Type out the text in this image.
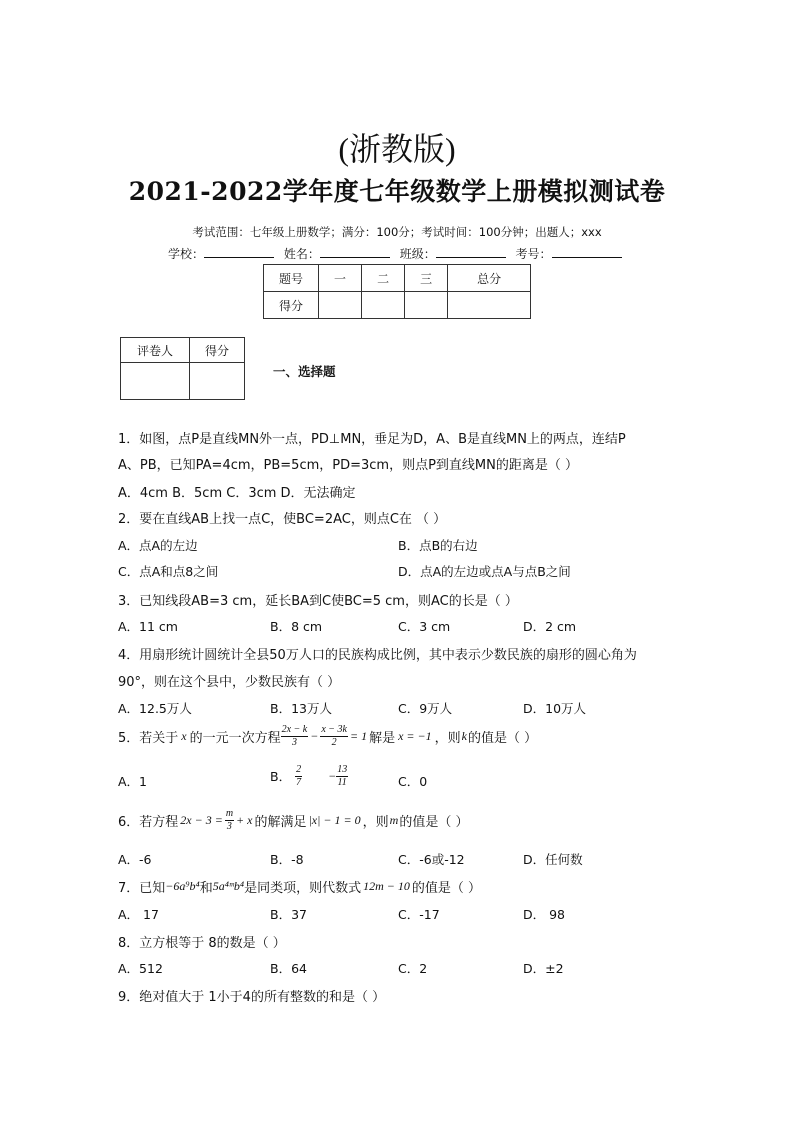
(浙教版)
2021-2022学年度七年级数学上册模拟测试卷
考试范围：七年级上册数学；满分：100分；考试时间：100分钟；出题人；xxx
学校：	姓名：	班级：	考号：
题号	一	二	三	总分
得分				
评卷人	得分

一、选择题
1．如图，点P是直线MN外一点，PD⊥MN，垂足为D，A、B是直线MN上的两点，连结P
A、PB，已知PA=4cm，PB=5cm，PD=3cm，则点P到直线MN的距离是（ ）
A．4cm B．5cm C．3cm D．无法确定
2．要在直线AB上找一点C，使BC=2AC，则点C在 （ ）
A．点A的左边	B．点B的右边
C．点A和点8之间	D．点A的左边或点A与点B之间
3．已知线段AB=3 cm，延长BA到C使BC=5 cm，则AC的长是（ ）
A．11 cm	B．8 cm	C．3 cm	D．2 cm
4．用扇形统计圆统计全县50万人口的民族构成比例，其中表示少数民族的扇形的圆心角为
90°，则在这个县中，少数民族有（ ）
A．12.5万人	B．13万人	C．9万人	D．10万人
5．若关于 x 的一元一次方程 $\frac{2x - k}{3} - \frac{x - 3k}{2} = 1$ 解是 x = −1 ，则 k 的值是（ ）
A．1	B． $\frac{2}{7} - \frac{13}{11}$	C．0
6．若方程 $2x - 3 = \frac{m}{3} + x$ 的解满足 |x| − 1 = 0 ，则 m 的值是（ ）
A．-6	B．-8	C．-6或-12	D．任何数
7．已知 −6a⁹b⁴ 和 5a⁴ᵐb⁴ 是同类项，则代数式 12m − 10 的值是（ ）
A． 17	B．37	C．-17	D． 98
8．立方根等于 8的数是（ ）
A．512	B．64	C．2	D．±2
9．绝对值大于 1小于4的所有整数的和是（ ）
